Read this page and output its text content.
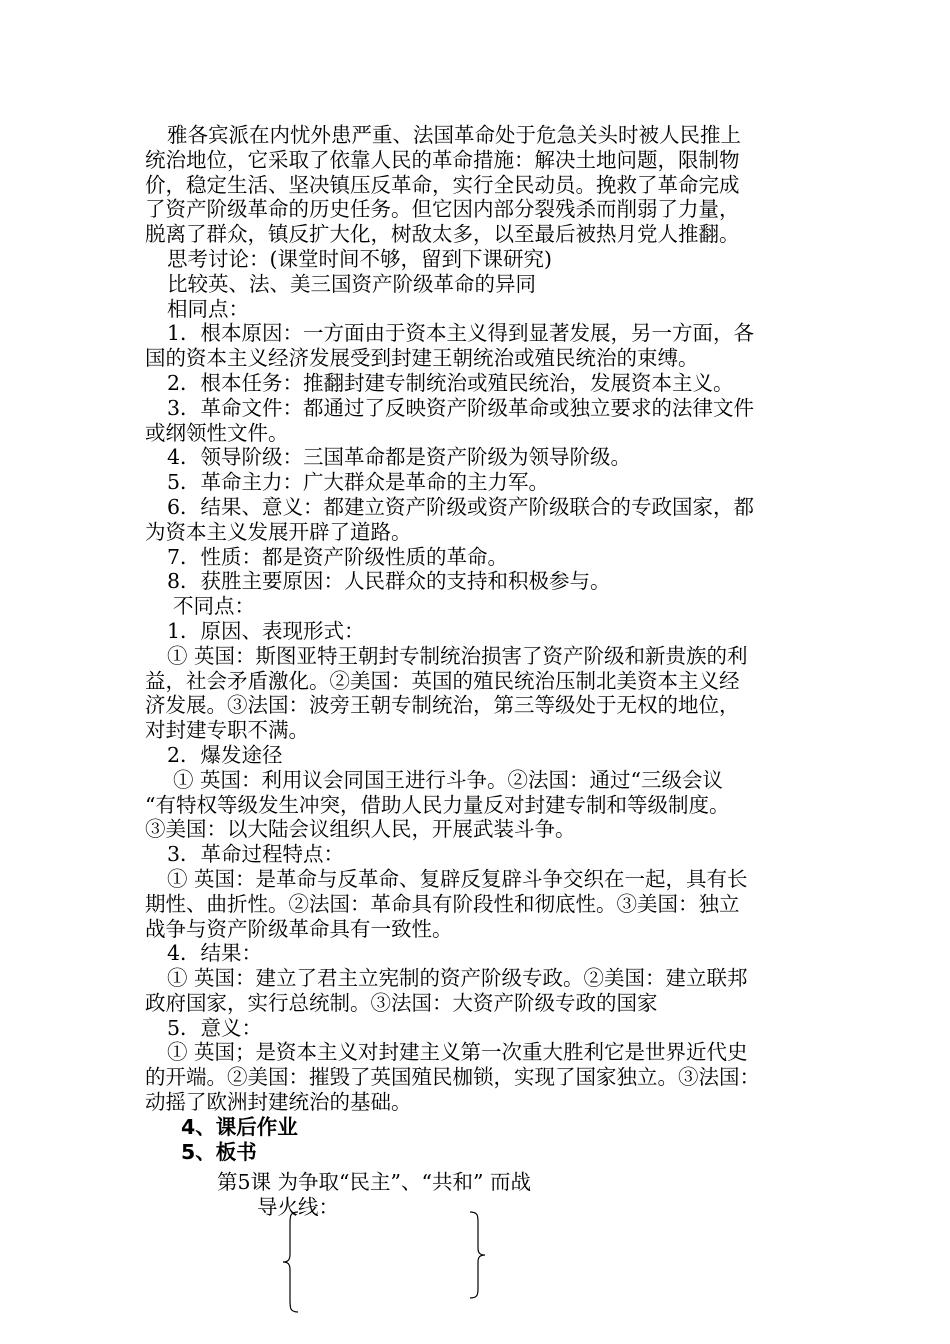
雅各宾派在内忧外患严重、法国革命处于危急关头时被人民推上

统治地位，它采取了依靠人民的革命措施：解决土地问题，限制物

价，稳定生活、坚决镇压反革命，实行全民动员。挽救了革命完成

了资产阶级革命的历史任务。但它因内部分裂残杀而削弱了力量，

脱离了群众，镇反扩大化，树敌太多，以至最后被热月党人推翻。

思考讨论：(课堂时间不够，留到下课研究)

比较英、法、美三国资产阶级革命的异同

相同点：

1．根本原因：一方面由于资本主义得到显著发展，另一方面，各

国的资本主义经济发展受到封建王朝统治或殖民统治的束缚。

2．根本任务：推翻封建专制统治或殖民统治，发展资本主义。

3．革命文件：都通过了反映资产阶级革命或独立要求的法律文件

或纲领性文件。

4．领导阶级：三国革命都是资产阶级为领导阶级。

5．革命主力：广大群众是革命的主力军。

6．结果、意义：都建立资产阶级或资产阶级联合的专政国家，都

为资本主义发展开辟了道路。

7．性质：都是资产阶级性质的革命。

8．获胜主要原因：人民群众的支持和积极参与。

不同点：

1．原因、表现形式：

① 英国：斯图亚特王朝封专制统治损害了资产阶级和新贵族的利

益，社会矛盾激化。②美国：英国的殖民统治压制北美资本主义经

济发展。③法国：波旁王朝专制统治，第三等级处于无权的地位，

对封建专职不满。

2．爆发途径

① 英国：利用议会同国王进行斗争。②法国：通过“三级会议

“有特权等级发生冲突，借助人民力量反对封建专制和等级制度。

③美国：以大陆会议组织人民，开展武装斗争。

3．革命过程特点：

① 英国：是革命与反革命、复辟反复辟斗争交织在一起，具有长

期性、曲折性。②法国：革命具有阶段性和彻底性。③美国：独立

战争与资产阶级革命具有一致性。

4．结果：

① 英国：建立了君主立宪制的资产阶级专政。②美国：建立联邦

政府国家，实行总统制。③法国：大资产阶级专政的国家

5．意义：

① 英国；是资本主义对封建主义第一次重大胜利它是世界近代史

的开端。②美国：摧毁了英国殖民枷锁，实现了国家独立。③法国：

动摇了欧洲封建统治的基础。

4、课后作业

5、板书

第5课 为争取“民主”、“共和” 而战
导火线：
